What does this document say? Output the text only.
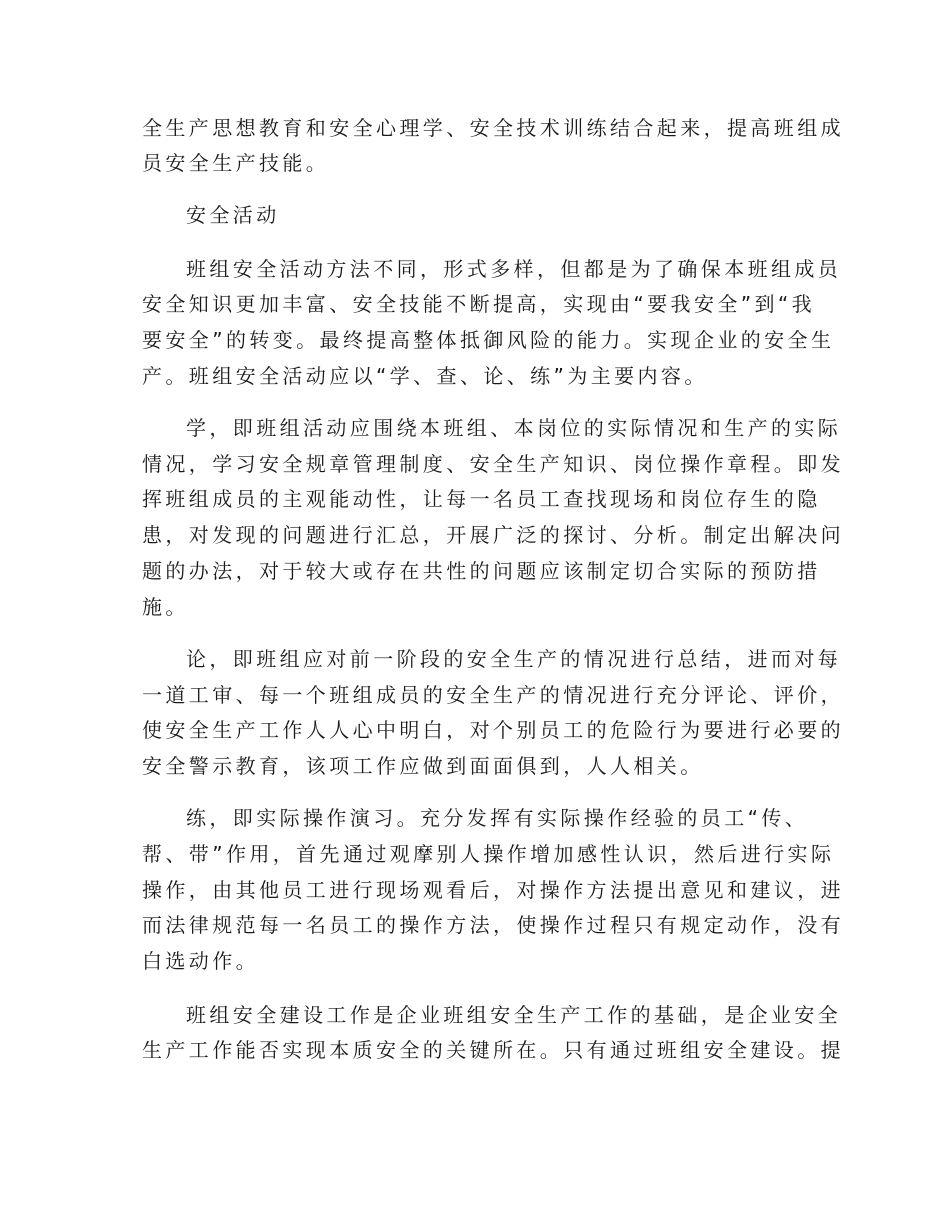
全生产思想教育和安全心理学、安全技术训练结合起来，提高班组成
员安全生产技能。
安全活动
班组安全活动方法不同，形式多样，但都是为了确保本班组成员
安全知识更加丰富、安全技能不断提高，实现由“要我安全”到“我
要安全”的转变。最终提高整体抵御风险的能力。实现企业的安全生
产。班组安全活动应以“学、查、论、练”为主要内容。
学，即班组活动应围绕本班组、本岗位的实际情况和生产的实际
情况，学习安全规章管理制度、安全生产知识、岗位操作章程。即发
挥班组成员的主观能动性，让每一名员工查找现场和岗位存生的隐
患，对发现的问题进行汇总，开展广泛的探讨、分析。制定出解决问
题的办法，对于较大或存在共性的问题应该制定切合实际的预防措
施。
论，即班组应对前一阶段的安全生产的情况进行总结，进而对每
一道工审、每一个班组成员的安全生产的情况进行充分评论、评价，
使安全生产工作人人心中明白，对个别员工的危险行为要进行必要的
安全警示教育，该项工作应做到面面俱到，人人相关。
练，即实际操作演习。充分发挥有实际操作经验的员工“传、
帮、带”作用，首先通过观摩别人操作增加感性认识，然后进行实际
操作，由其他员工进行现场观看后，对操作方法提出意见和建议，进
而法律规范每一名员工的操作方法，使操作过程只有规定动作，没有
白选动作。
班组安全建设工作是企业班组安全生产工作的基础，是企业安全
生产工作能否实现本质安全的关键所在。只有通过班组安全建设。提
